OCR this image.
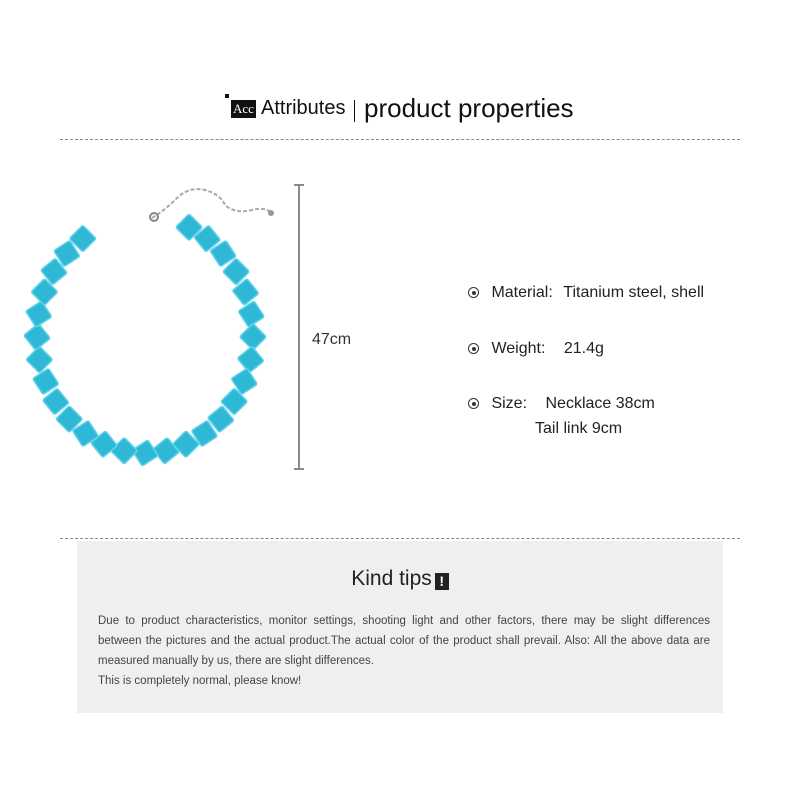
Acc Attributes product properties
47cm
Material: Titanium steel, shell
Weight: 21.4g
Size: Necklace 38cm
Tail link 9cm
Kind tips !
Due to product characteristics, monitor settings, shooting light and other factors, there may be slight differences between the pictures and the actual product.The actual color of the product shall prevail. Also: All the above data are measured manually by us, there are slight differences.
This is completely normal, please know!
